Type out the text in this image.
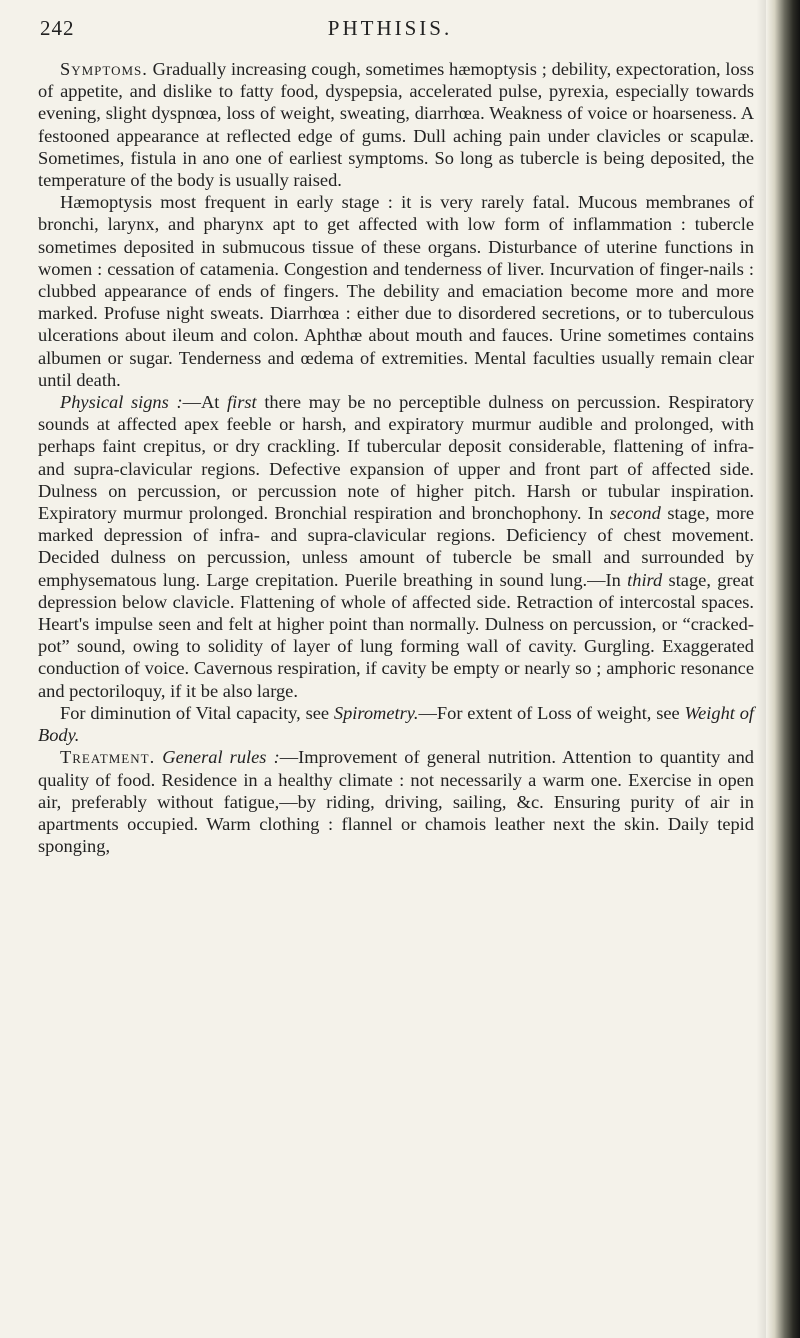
242	PHTHISIS.

Symptoms. Gradually increasing cough, sometimes hæmoptysis ; debility, expectoration, loss of appetite, and dislike to fatty food, dyspepsia, accelerated pulse, pyrexia, especially towards evening, slight dyspnœa, loss of weight, sweating, diarrhœa. Weakness of voice or hoarseness. A festooned appearance at reflected edge of gums. Dull aching pain under clavicles or scapulæ. Sometimes, fistula in ano one of earliest symptoms. So long as tubercle is being deposited, the temperature of the body is usually raised.

Hæmoptysis most frequent in early stage : it is very rarely fatal. Mucous membranes of bronchi, larynx, and pharynx apt to get affected with low form of inflammation : tubercle sometimes deposited in submucous tissue of these organs. Disturbance of uterine functions in women : cessation of catamenia. Congestion and tenderness of liver. Incurvation of finger-nails : clubbed appearance of ends of fingers. The debility and emaciation become more and more marked. Profuse night sweats. Diarrhœa : either due to disordered secretions, or to tuberculous ulcerations about ileum and colon. Aphthæ about mouth and fauces. Urine sometimes contains albumen or sugar. Tenderness and œdema of extremities. Mental faculties usually remain clear until death.

Physical signs :—At first there may be no perceptible dulness on percussion. Respiratory sounds at affected apex feeble or harsh, and expiratory murmur audible and prolonged, with perhaps faint crepitus, or dry crackling. If tubercular deposit considerable, flattening of infra- and supra-clavicular regions. Defective expansion of upper and front part of affected side. Dulness on percussion, or percussion note of higher pitch. Harsh or tubular inspiration. Expiratory murmur prolonged. Bronchial respiration and bronchophony. In second stage, more marked depression of infra- and supra-clavicular regions. Deficiency of chest movement. Decided dulness on percussion, unless amount of tubercle be small and surrounded by emphysematous lung. Large crepitation. Puerile breathing in sound lung.—In third stage, great depression below clavicle. Flattening of whole of affected side. Retraction of intercostal spaces. Heart's impulse seen and felt at higher point than normally. Dulness on percussion, or “cracked-pot” sound, owing to solidity of layer of lung forming wall of cavity. Gurgling. Exaggerated conduction of voice. Cavernous respiration, if cavity be empty or nearly so ; amphoric resonance and pectoriloquy, if it be also large.

For diminution of Vital capacity, see Spirometry.—For extent of Loss of weight, see Weight of Body.

Treatment. General rules :—Improvement of general nutrition. Attention to quantity and quality of food. Residence in a healthy climate : not necessarily a warm one. Exercise in open air, preferably without fatigue,—by riding, driving, sailing, &c. Ensuring purity of air in apartments occupied. Warm clothing : flannel or chamois leather next the skin. Daily tepid sponging,
